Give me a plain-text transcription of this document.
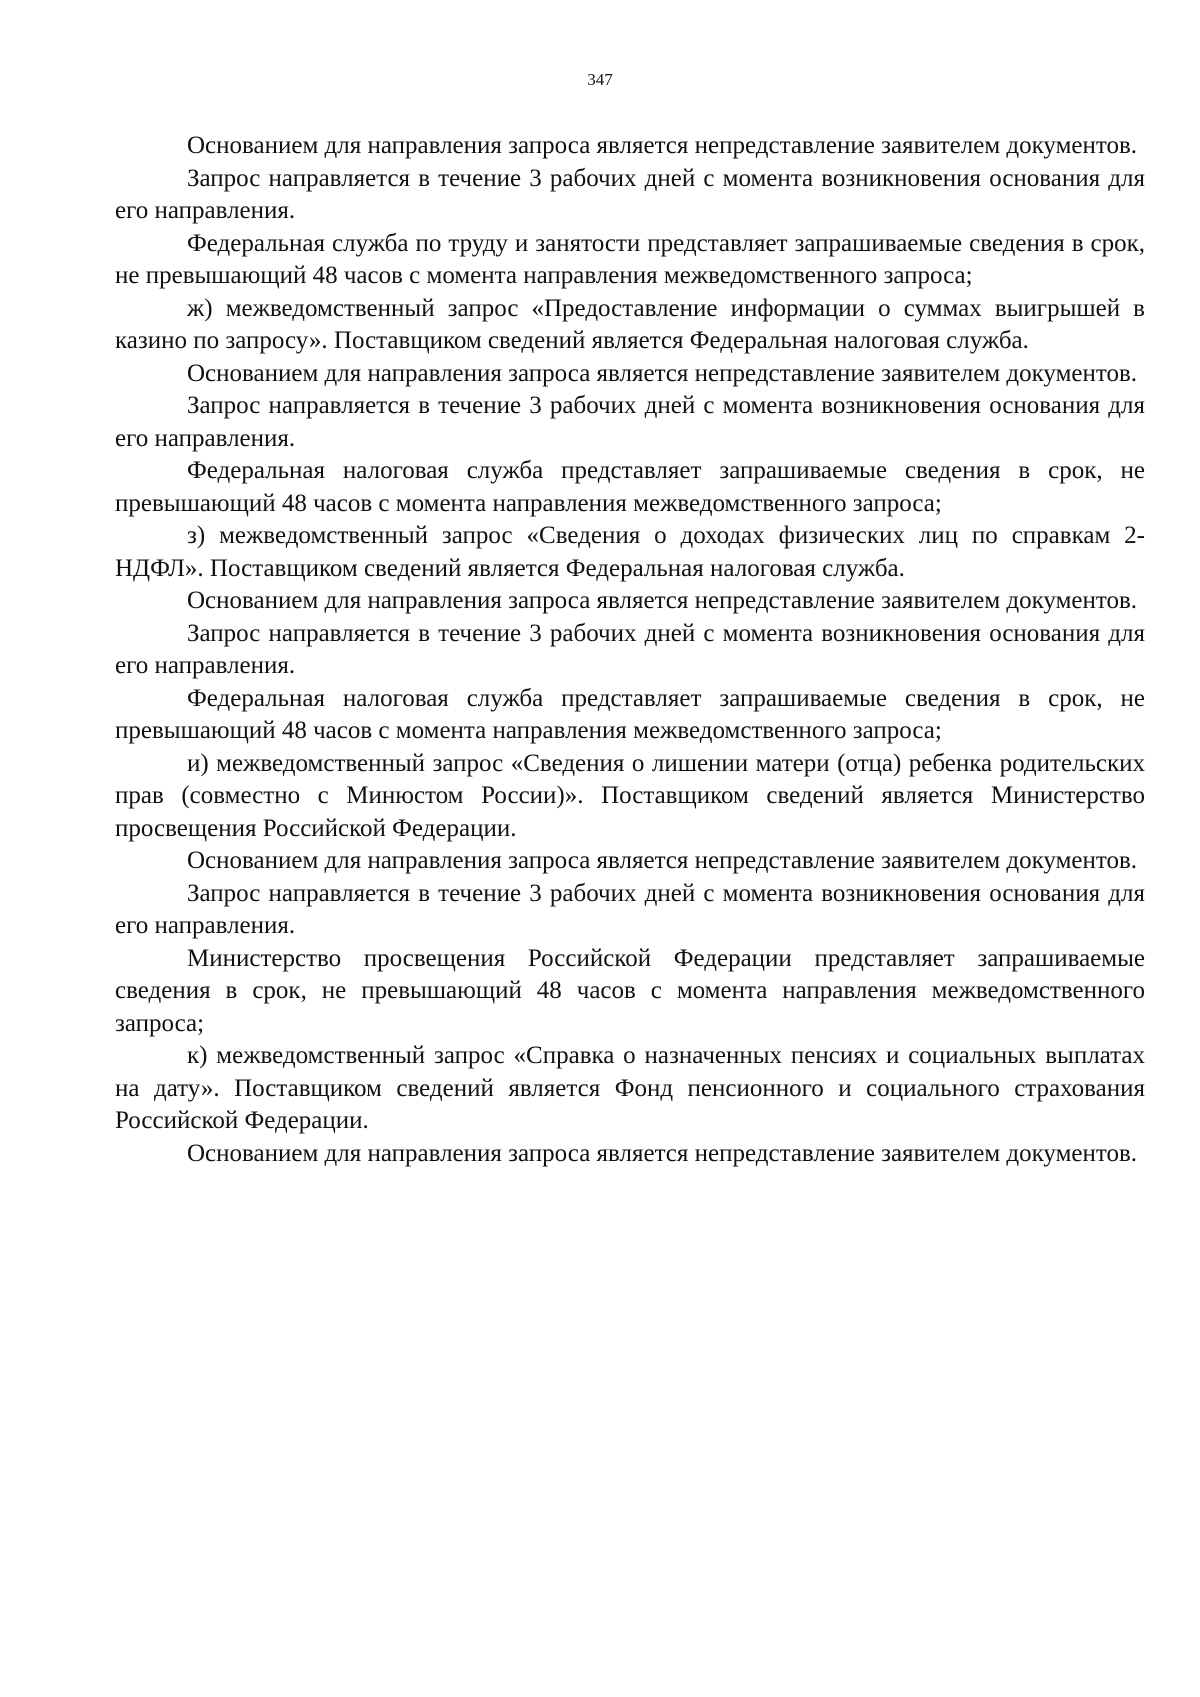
347

Основанием для направления запроса является непредставление заявителем документов.

Запрос направляется в течение 3 рабочих дней с момента возникновения основания для его направления.

Федеральная служба по труду и занятости представляет запрашиваемые сведения в срок, не превышающий 48 часов с момента направления межведомственного запроса;

ж) межведомственный запрос «Предоставление информации о суммах выигрышей в казино по запросу». Поставщиком сведений является Федеральная налоговая служба.

Основанием для направления запроса является непредставление заявителем документов.

Запрос направляется в течение 3 рабочих дней с момента возникновения основания для его направления.

Федеральная налоговая служба представляет запрашиваемые сведения в срок, не превышающий 48 часов с момента направления межведомственного запроса;

з) межведомственный запрос «Сведения о доходах физических лиц по справкам 2-НДФЛ». Поставщиком сведений является Федеральная налоговая служба.

Основанием для направления запроса является непредставление заявителем документов.

Запрос направляется в течение 3 рабочих дней с момента возникновения основания для его направления.

Федеральная налоговая служба представляет запрашиваемые сведения в срок, не превышающий 48 часов с момента направления межведомственного запроса;

и) межведомственный запрос «Сведения о лишении матери (отца) ребенка родительских прав (совместно с Минюстом России)». Поставщиком сведений является Министерство просвещения Российской Федерации.

Основанием для направления запроса является непредставление заявителем документов.

Запрос направляется в течение 3 рабочих дней с момента возникновения основания для его направления.

Министерство просвещения Российской Федерации представляет запрашиваемые сведения в срок, не превышающий 48 часов с момента направления межведомственного запроса;

к) межведомственный запрос «Справка о назначенных пенсиях и социальных выплатах на дату». Поставщиком сведений является Фонд пенсионного и социального страхования Российской Федерации.

Основанием для направления запроса является непредставление заявителем документов.
